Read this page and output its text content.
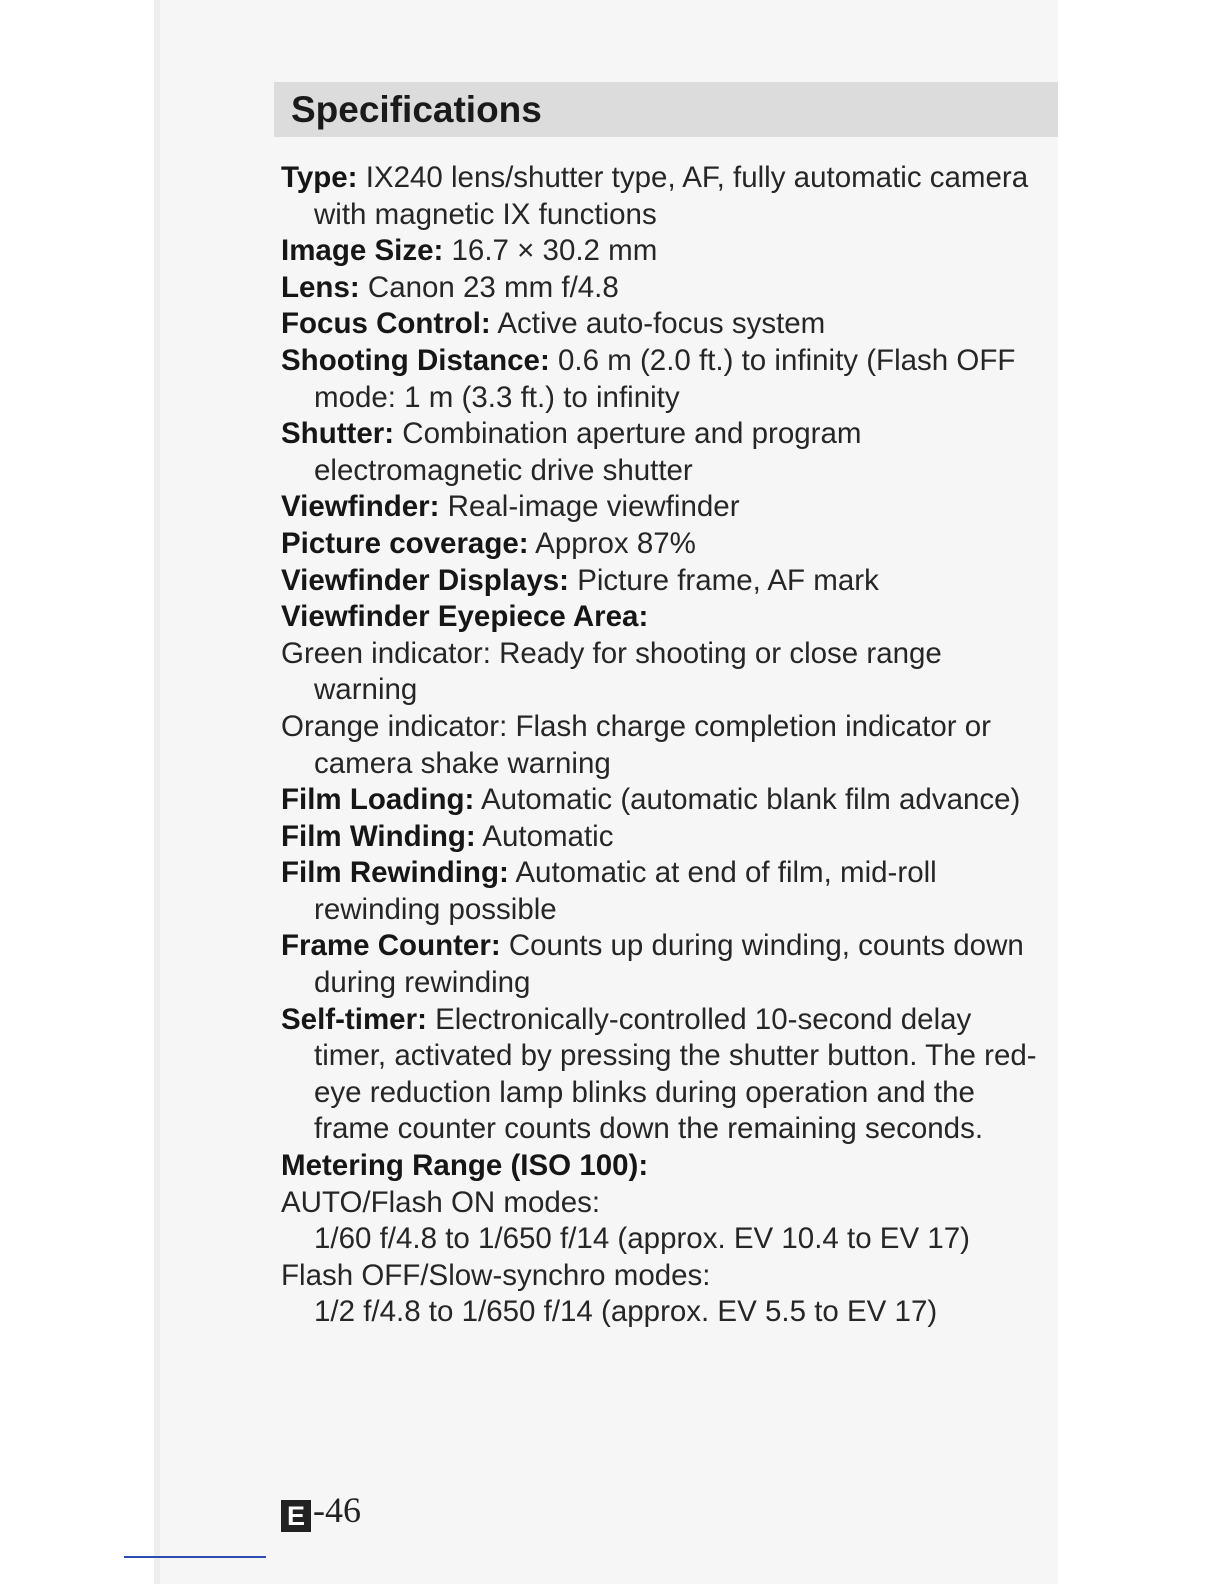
Specifications
Type: IX240 lens/shutter type, AF, fully automatic camera with magnetic IX functions
Image Size: 16.7 × 30.2 mm
Lens: Canon 23 mm f/4.8
Focus Control: Active auto-focus system
Shooting Distance: 0.6 m (2.0 ft.) to infinity (Flash OFF mode: 1 m (3.3 ft.) to infinity
Shutter: Combination aperture and program electromagnetic drive shutter
Viewfinder: Real-image viewfinder
Picture coverage: Approx 87%
Viewfinder Displays: Picture frame, AF mark
Viewfinder Eyepiece Area:
Green indicator: Ready for shooting or close range warning
Orange indicator: Flash charge completion indicator or camera shake warning
Film Loading: Automatic (automatic blank film advance)
Film Winding: Automatic
Film Rewinding: Automatic at end of film, mid-roll rewinding possible
Frame Counter: Counts up during winding, counts down during rewinding
Self-timer: Electronically-controlled 10-second delay timer, activated by pressing the shutter button. The red-eye reduction lamp blinks during operation and the frame counter counts down the remaining seconds.
Metering Range (ISO 100):
AUTO/Flash ON modes:
1/60 f/4.8 to 1/650 f/14 (approx. EV 10.4 to EV 17)
Flash OFF/Slow-synchro modes:
1/2 f/4.8 to 1/650 f/14 (approx. EV 5.5 to EV 17)
E -46
